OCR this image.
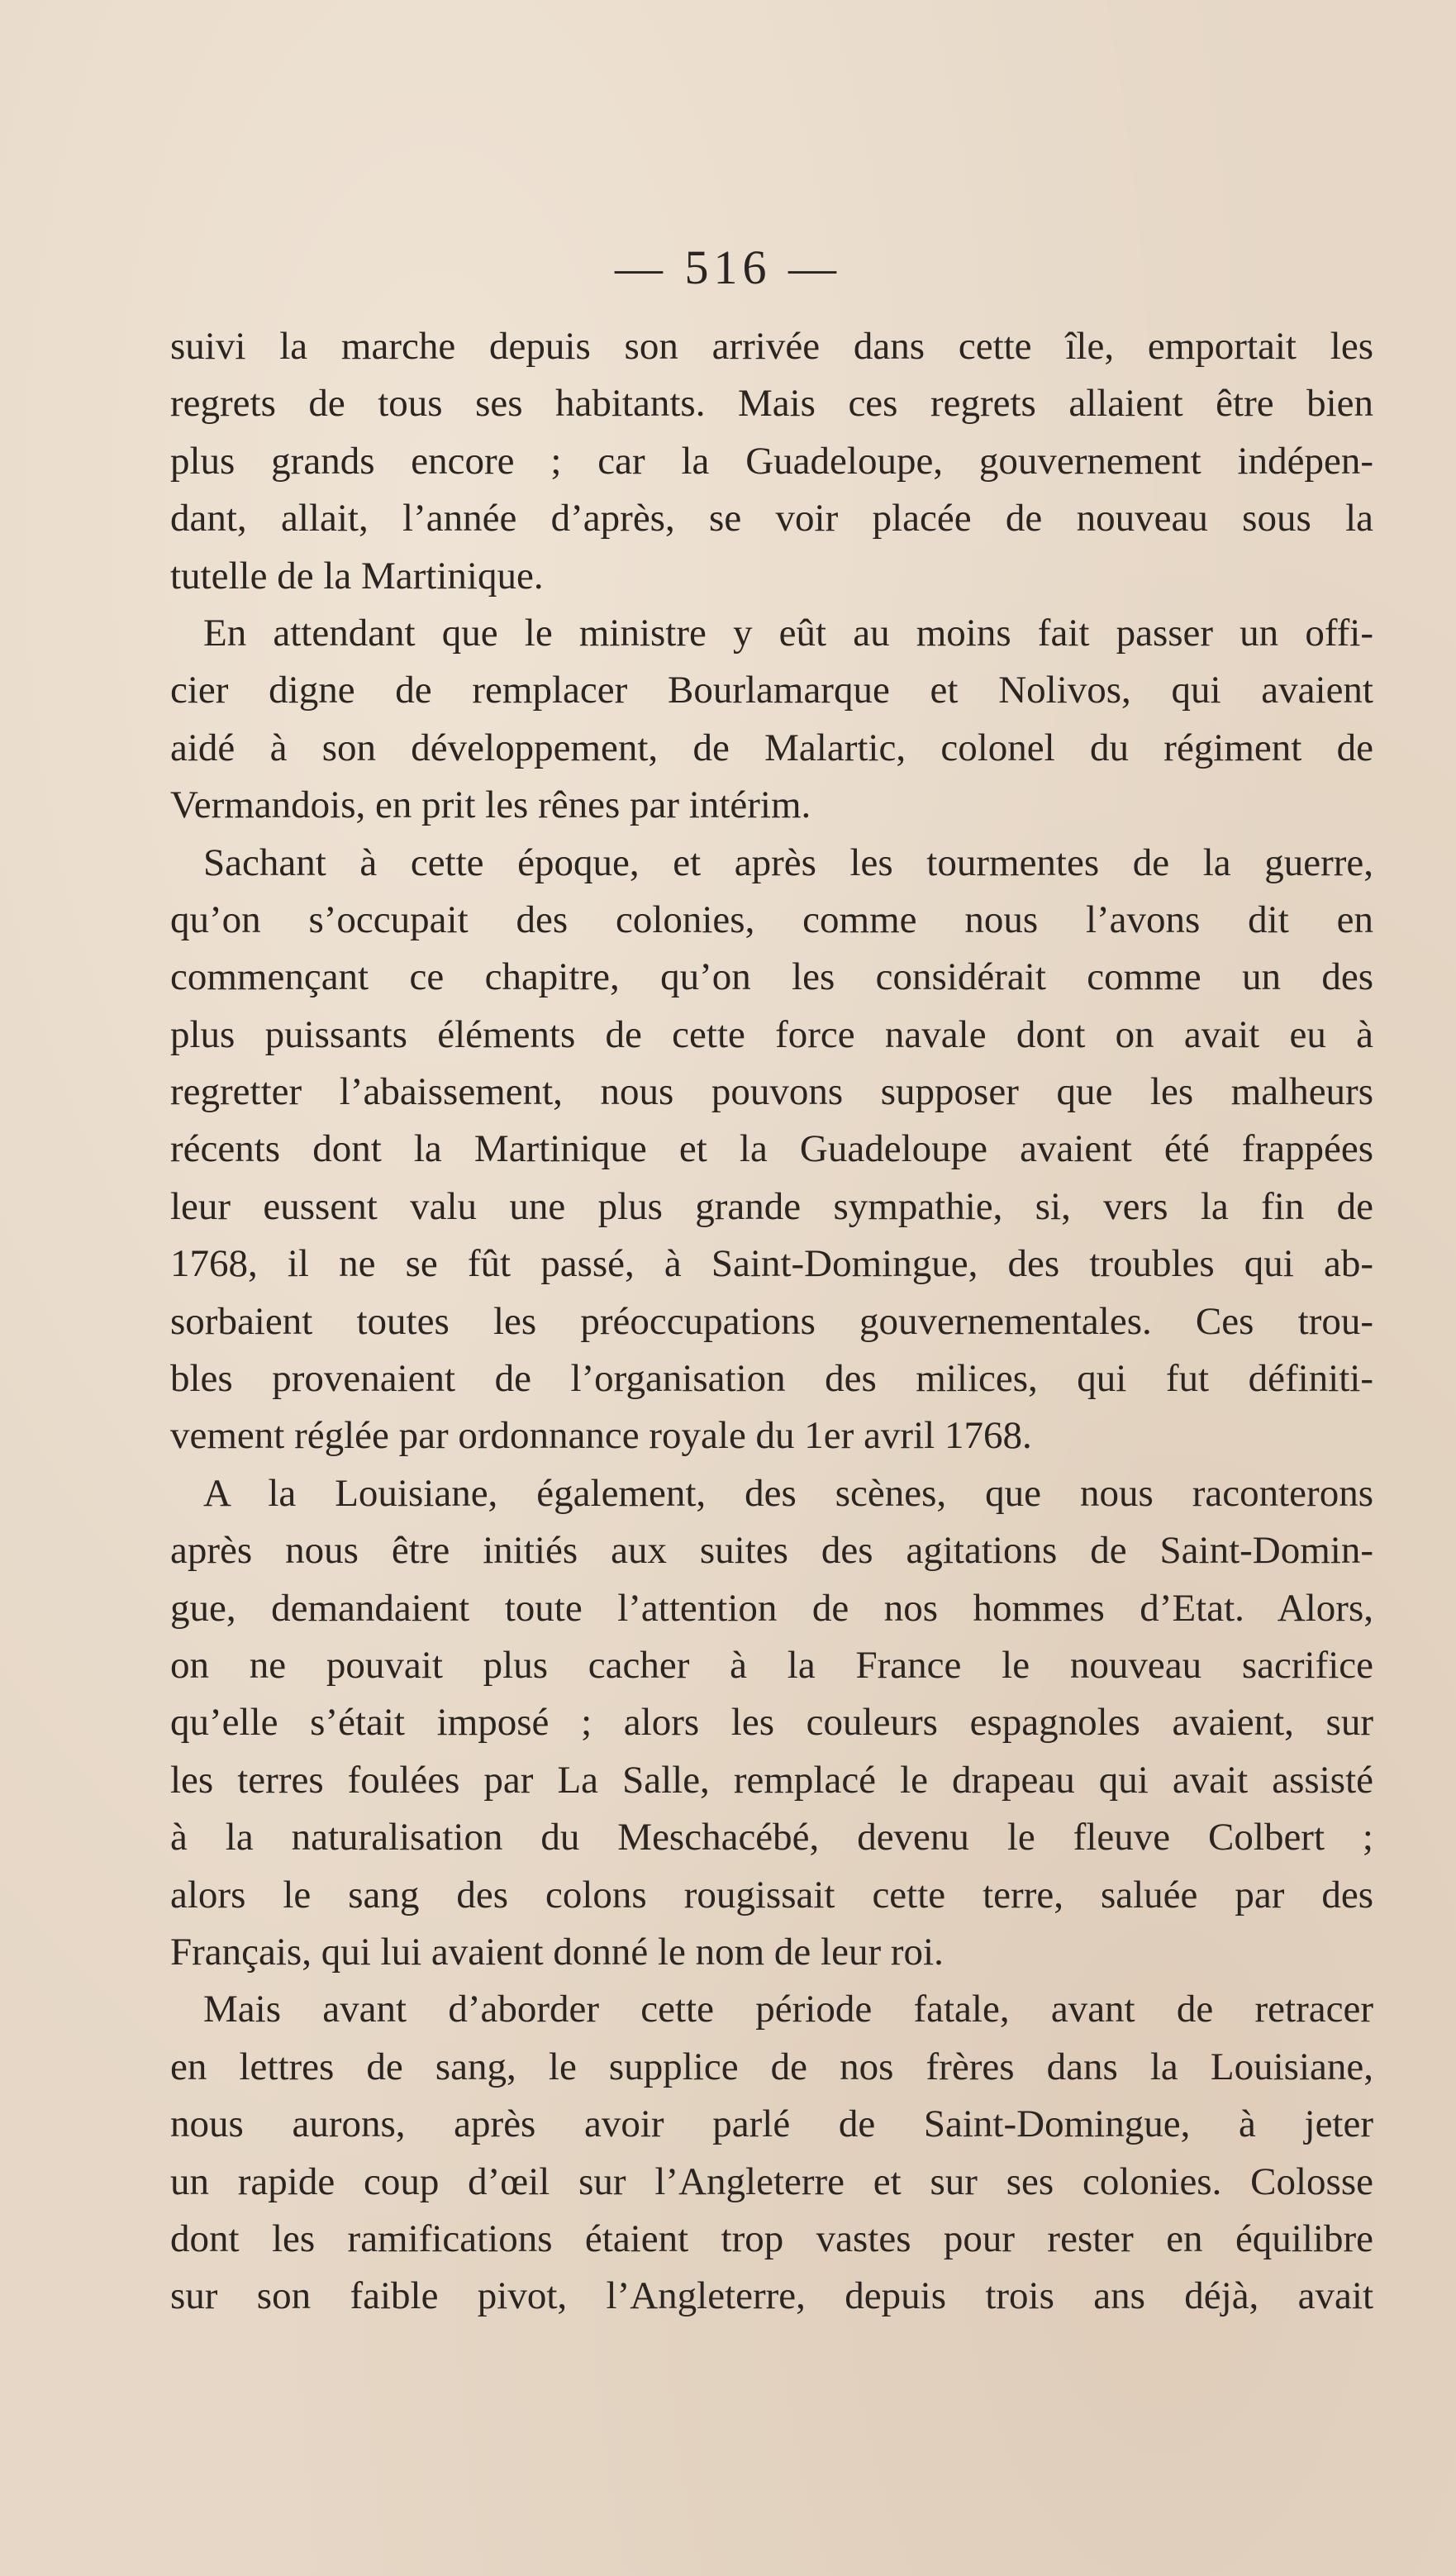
— 516 —
suivi la marche depuis son arrivée dans cette île, emportait les
regrets de tous ses habitants. Mais ces regrets allaient être bien
plus grands encore ; car la Guadeloupe, gouvernement indépen-
dant, allait, l’année d’après, se voir placée de nouveau sous la
tutelle de la Martinique.
En attendant que le ministre y eût au moins fait passer un offi-
cier digne de remplacer Bourlamarque et Nolivos, qui avaient
aidé à son développement, de Malartic, colonel du régiment de
Vermandois, en prit les rênes par intérim.
Sachant à cette époque, et après les tourmentes de la guerre,
qu’on s’occupait des colonies, comme nous l’avons dit en
commençant ce chapitre, qu’on les considérait comme un des
plus puissants éléments de cette force navale dont on avait eu à
regretter l’abaissement, nous pouvons supposer que les malheurs
récents dont la Martinique et la Guadeloupe avaient été frappées
leur eussent valu une plus grande sympathie, si, vers la fin de
1768, il ne se fût passé, à Saint-Domingue, des troubles qui ab-
sorbaient toutes les préoccupations gouvernementales. Ces trou-
bles provenaient de l’organisation des milices, qui fut définiti-
vement réglée par ordonnance royale du 1er avril 1768.
A la Louisiane, également, des scènes, que nous raconterons
après nous être initiés aux suites des agitations de Saint-Domin-
gue, demandaient toute l’attention de nos hommes d’Etat. Alors,
on ne pouvait plus cacher à la France le nouveau sacrifice
qu’elle s’était imposé ; alors les couleurs espagnoles avaient, sur
les terres foulées par La Salle, remplacé le drapeau qui avait assisté
à la naturalisation du Meschacébé, devenu le fleuve Colbert ;
alors le sang des colons rougissait cette terre, saluée par des
Français, qui lui avaient donné le nom de leur roi.
Mais avant d’aborder cette période fatale, avant de retracer
en lettres de sang, le supplice de nos frères dans la Louisiane,
nous aurons, après avoir parlé de Saint-Domingue, à jeter
un rapide coup d’œil sur l’Angleterre et sur ses colonies. Colosse
dont les ramifications étaient trop vastes pour rester en équilibre
sur son faible pivot, l’Angleterre, depuis trois ans déjà, avait
